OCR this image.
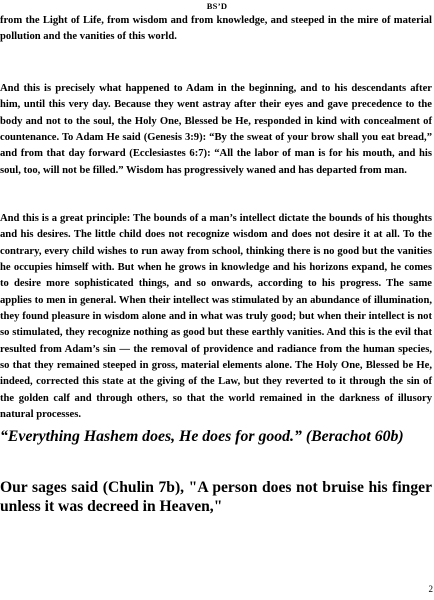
BS’D

from the Light of Life, from wisdom and from knowledge, and steeped in the mire of material pollution and the vanities of this world.

And this is precisely what happened to Adam in the beginning, and to his descendants after him, until this very day. Because they went astray after their eyes and gave precedence to the body and not to the soul, the Holy One, Blessed be He, responded in kind with concealment of countenance. To Adam He said (Genesis 3:9): “By the sweat of your brow shall you eat bread,” and from that day forward (Ecclesiastes 6:7): “All the labor of man is for his mouth, and his soul, too, will not be filled.” Wisdom has progressively waned and has departed from man.

And this is a great principle: The bounds of a man’s intellect dictate the bounds of his thoughts and his desires. The little child does not recognize wisdom and does not desire it at all. To the contrary, every child wishes to run away from school, thinking there is no good but the vanities he occupies himself with. But when he grows in knowledge and his horizons expand, he comes to desire more sophisticated things, and so onwards, according to his progress. The same applies to men in general. When their intellect was stimulated by an abundance of illumination, they found pleasure in wisdom alone and in what was truly good; but when their intellect is not so stimulated, they recognize nothing as good but these earthly vanities. And this is the evil that resulted from Adam’s sin — the removal of providence and radiance from the human species, so that they remained steeped in gross, material elements alone. The Holy One, Blessed be He, indeed, corrected this state at the giving of the Law, but they reverted to it through the sin of the golden calf and through others, so that the world remained in the darkness of illusory natural processes.

“Everything Hashem does, He does for good.” (Berachot 60b)

Our sages said (Chulin 7b), "A person does not bruise his finger unless it was decreed in Heaven,"

2
